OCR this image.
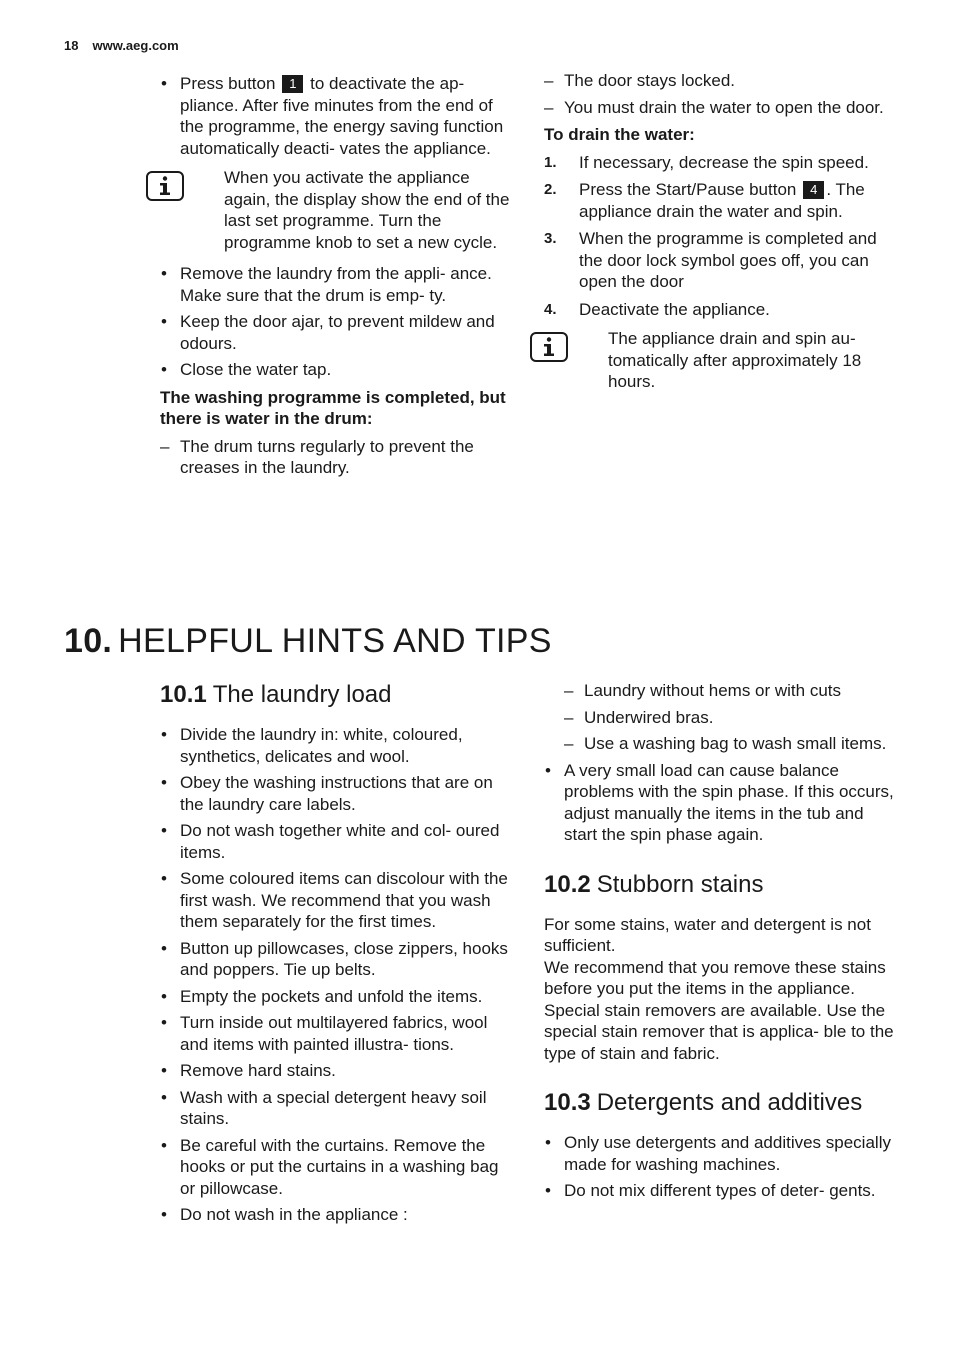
18 www.aeg.com
• Press button 1 to deactivate the ap- pliance. After five minutes from the end of the programme, the energy saving function automatically deacti- vates the appliance.
When you activate the appliance again, the display show the end of the last set programme. Turn the programme knob to set a new cycle.
• Remove the laundry from the appli- ance. Make sure that the drum is emp- ty.
• Keep the door ajar, to prevent mildew and odours.
• Close the water tap.
The washing programme is completed, but there is water in the drum:
– The drum turns regularly to prevent the creases in the laundry.
– The door stays locked.
– You must drain the water to open the door.
To drain the water:
1. If necessary, decrease the spin speed.
2. Press the Start/Pause button 4 . The appliance drain the water and spin.
3. When the programme is completed and the door lock symbol goes off, you can open the door
4. Deactivate the appliance.
The appliance drain and spin au- tomatically after approximately 18 hours.
10. HELPFUL HINTS AND TIPS
10.1 The laundry load
• Divide the laundry in: white, coloured, synthetics, delicates and wool.
• Obey the washing instructions that are on the laundry care labels.
• Do not wash together white and col- oured items.
• Some coloured items can discolour with the first wash. We recommend that you wash them separately for the first times.
• Button up pillowcases, close zippers, hooks and poppers. Tie up belts.
• Empty the pockets and unfold the items.
• Turn inside out multilayered fabrics, wool and items with painted illustra- tions.
• Remove hard stains.
• Wash with a special detergent heavy soil stains.
• Be careful with the curtains. Remove the hooks or put the curtains in a washing bag or pillowcase.
• Do not wash in the appliance :
– Laundry without hems or with cuts
– Underwired bras.
– Use a washing bag to wash small items.
• A very small load can cause balance problems with the spin phase. If this occurs, adjust manually the items in the tub and start the spin phase again.
10.2 Stubborn stains

For some stains, water and detergent is not sufficient.

We recommend that you remove these stains before you put the items in the appliance.

Special stain removers are available. Use the special stain remover that is applica- ble to the type of stain and fabric.

10.3 Detergents and additives
• Only use detergents and additives specially made for washing machines.
• Do not mix different types of deter- gents.
